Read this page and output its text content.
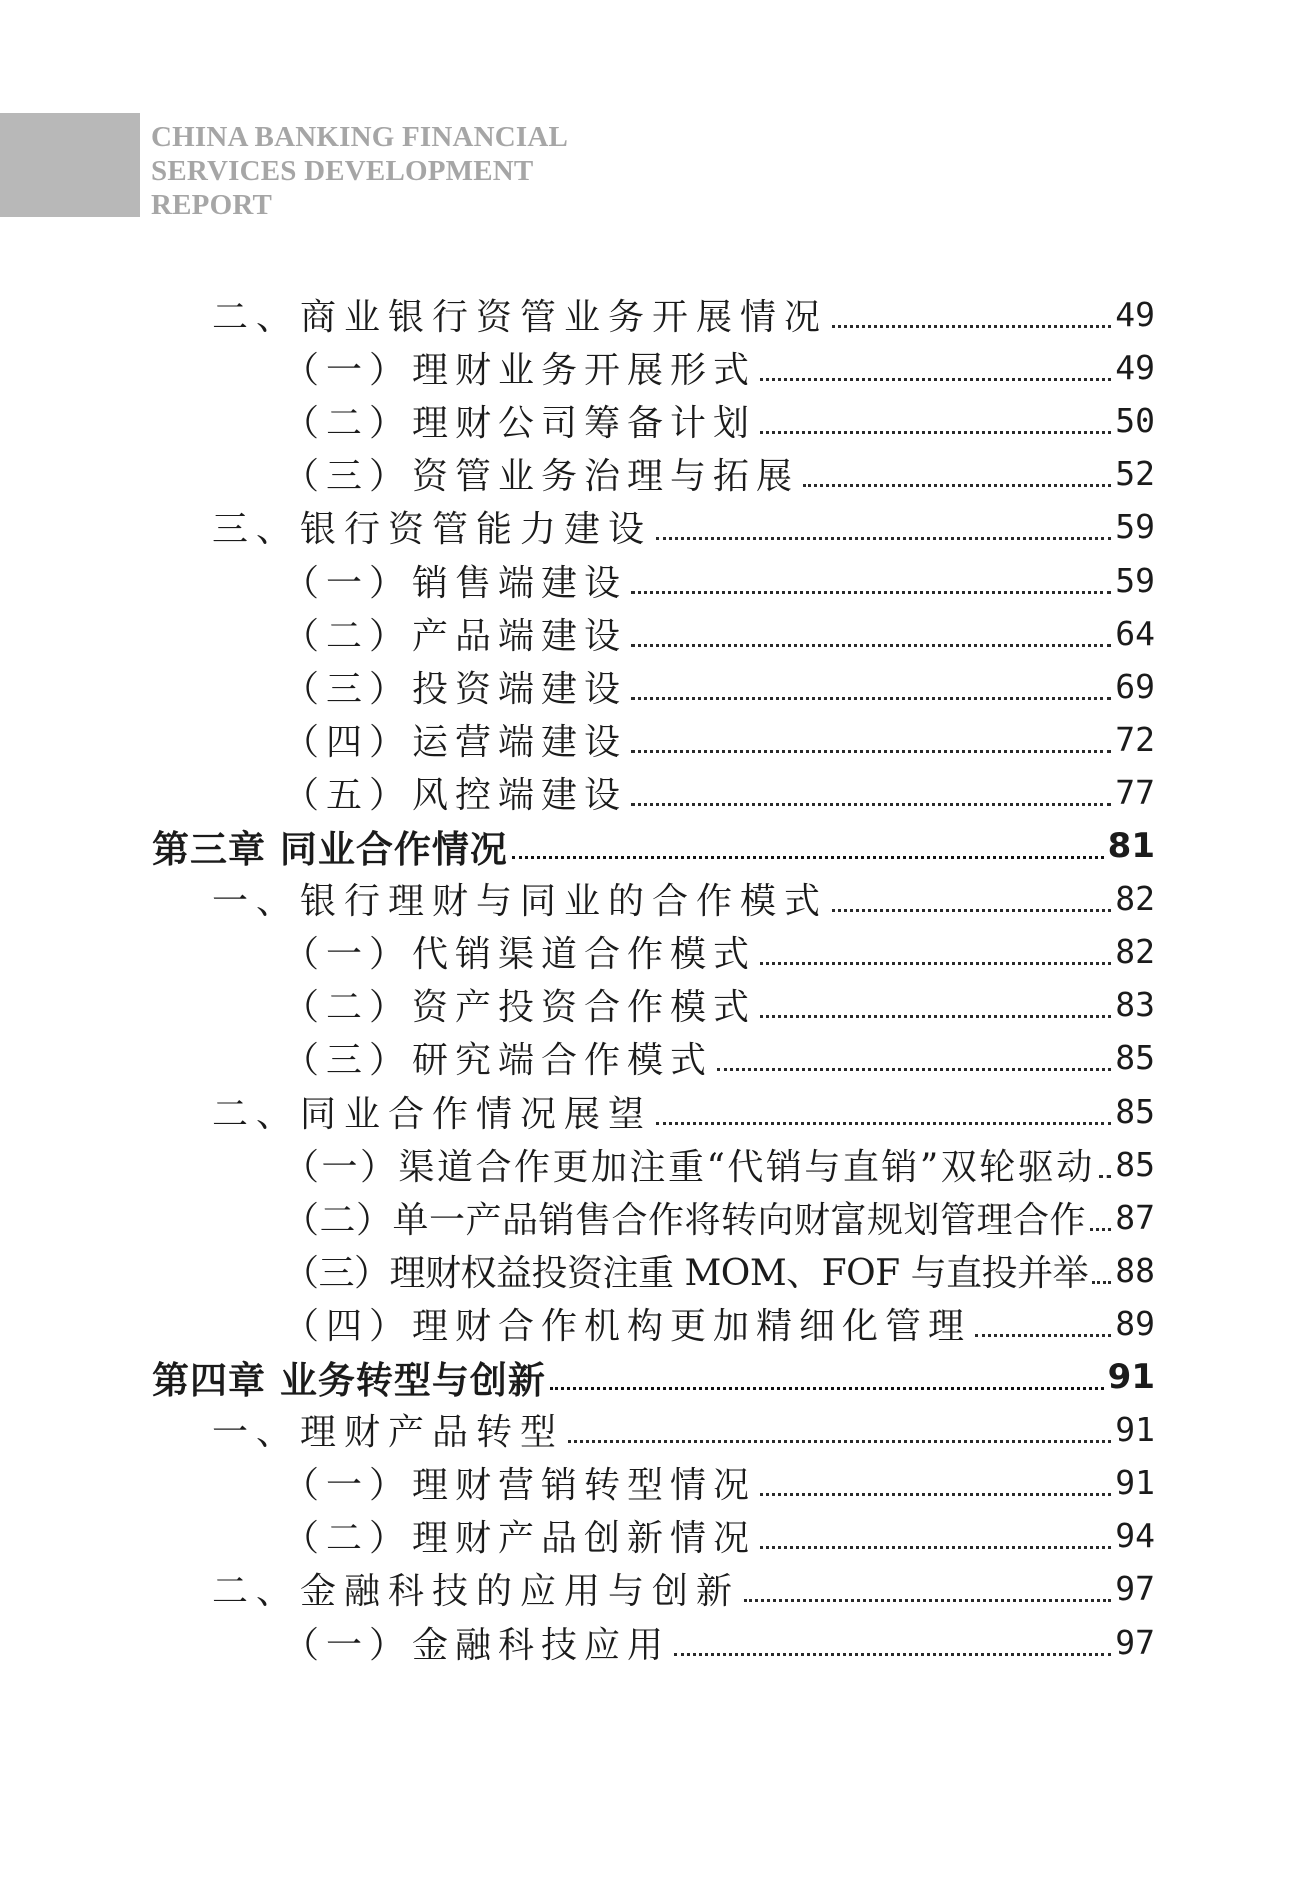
CHINA BANKING FINANCIAL
SERVICES DEVELOPMENT
REPORT
二、商业银行资管业务开展情况	49
（一）理财业务开展形式	49
（二）理财公司筹备计划	50
（三）资管业务治理与拓展	52
三、银行资管能力建设	59
（一）销售端建设	59
（二）产品端建设	64
（三）投资端建设	69
（四）运营端建设	72
（五）风控端建设	77
第三章 同业合作情况	81
一、银行理财与同业的合作模式	82
（一）代销渠道合作模式	82
（二）资产投资合作模式	83
（三）研究端合作模式	85
二、同业合作情况展望	85
（一）渠道合作更加注重“代销与直销”双轮驱动 85
（二）单一产品销售合作将转向财富规划管理合作 87
（三）理财权益投资注重 MOM、FOF 与直投并举 88
（四）理财合作机构更加精细化管理	89
第四章 业务转型与创新	91
一、理财产品转型	91
（一）理财营销转型情况	91
（二）理财产品创新情况	94
二、金融科技的应用与创新	97
（一）金融科技应用	97
